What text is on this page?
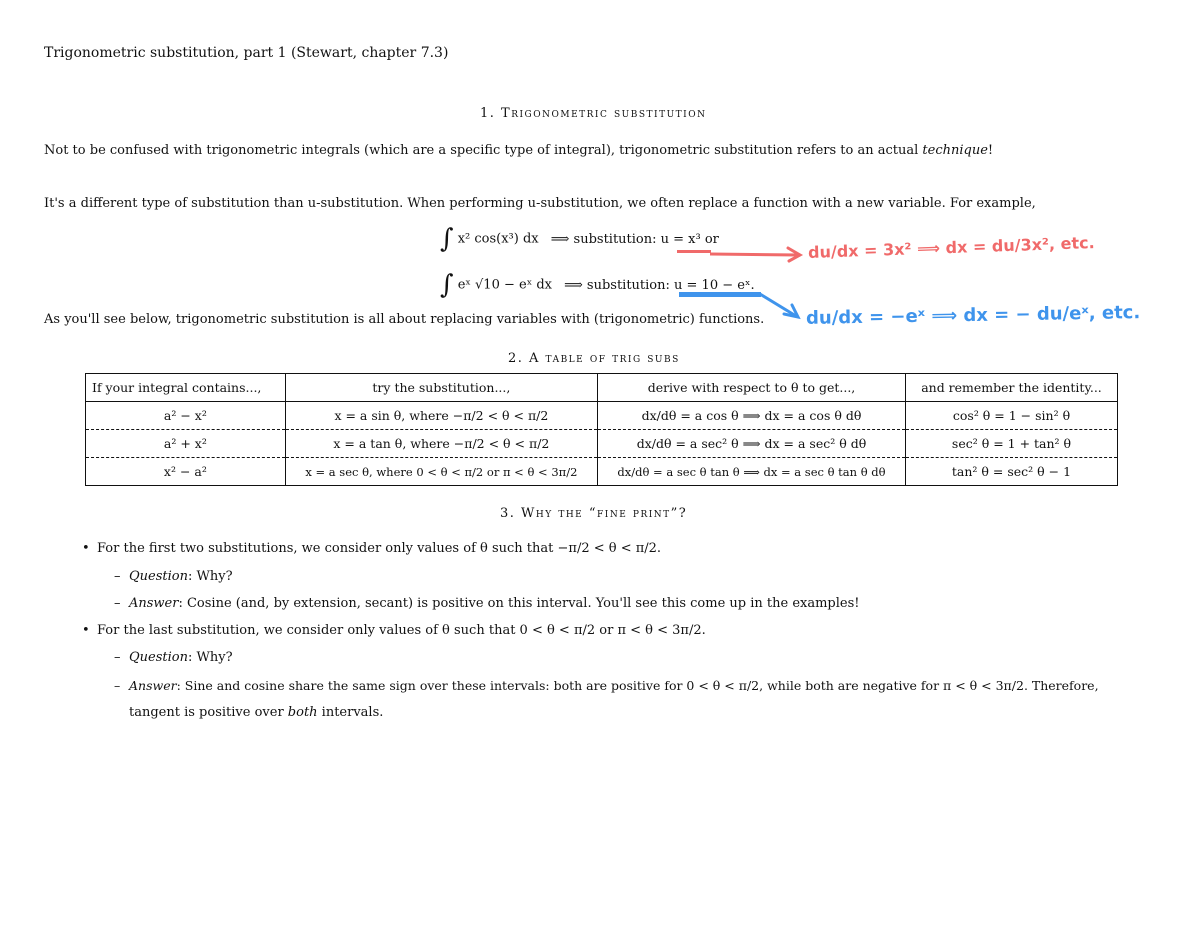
Trigonometric substitution, part 1 (Stewart, chapter 7.3)
1. Trigonometric substitution
Not to be confused with trigonometric integrals (which are a specific type of integral), trigonometric substitution refers to an actual technique!
It's a different type of substitution than u-substitution. When performing u-substitution, we often replace a function with a new variable. For example,
∫ x² cos(x³) dx ⟹ substitution: u = x³ or
∫ eˣ √10 − eˣ dx ⟹ substitution: u = 10 − eˣ.
As you'll see below, trigonometric substitution is all about replacing variables with (trigonometric) functions.
du/dx = 3x² ⟹ dx = du/3x², etc.
du/dx = −eˣ ⟹ dx = − du/eˣ, etc.
2. A table of trig subs
If your integral contains...,	try the substitution...,	derive with respect to θ to get...,	and remember the identity...
a² − x²	x = a sin θ, where −π/2 < θ < π/2	dx/dθ = a cos θ ⟹ dx = a cos θ dθ	cos² θ = 1 − sin² θ
a² + x²	x = a tan θ, where −π/2 < θ < π/2	dx/dθ = a sec² θ ⟹ dx = a sec² θ dθ	sec² θ = 1 + tan² θ
x² − a²	x = a sec θ, where 0 < θ < π/2 or π < θ < 3π/2	dx/dθ = a sec θ tan θ ⟹ dx = a sec θ tan θ dθ	tan² θ = sec² θ − 1
3. Why the “fine print”?
• For the first two substitutions, we consider only values of θ such that −π/2 < θ < π/2.
– Question: Why?
– Answer: Cosine (and, by extension, secant) is positive on this interval. You'll see this come up in the examples!
• For the last substitution, we consider only values of θ such that 0 < θ < π/2 or π < θ < 3π/2.
– Question: Why?
– Answer: Sine and cosine share the same sign over these intervals: both are positive for 0 < θ < π/2, while both are negative for π < θ < 3π/2. Therefore,
tangent is positive over both intervals.
